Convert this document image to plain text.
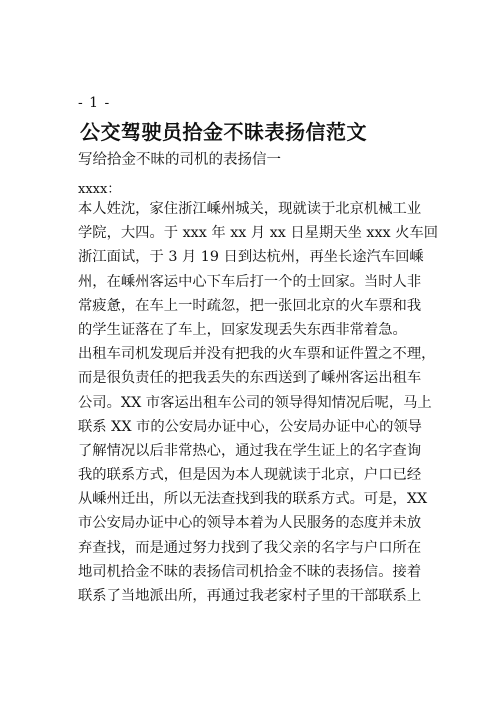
- 1 -
公交驾驶员拾金不昧表扬信范文
写给拾金不昧的司机的表扬信一
xxxx：
本人姓沈，家住浙江嵊州城关，现就读于北京机械工业
学院，大四。于 xxx 年 xx 月 xx 日星期天坐 xxx 火车回
浙江面试，于 3 月 19 日到达杭州，再坐长途汽车回嵊
州，在嵊州客运中心下车后打一个的士回家。当时人非
常疲惫，在车上一时疏忽，把一张回北京的火车票和我
的学生证落在了车上，回家发现丢失东西非常着急。
出租车司机发现后并没有把我的火车票和证件置之不理，
而是很负责任的把我丢失的东西送到了嵊州客运出租车
公司。XX 市客运出租车公司的领导得知情况后呢，马上
联系 XX 市的公安局办证中心，公安局办证中心的领导
了解情况以后非常热心，通过我在学生证上的名字查询
我的联系方式，但是因为本人现就读于北京，户口已经
从嵊州迁出，所以无法查找到我的联系方式。可是，XX
市公安局办证中心的领导本着为人民服务的态度并未放
弃查找，而是通过努力找到了我父亲的名字与户口所在
地司机拾金不昧的表扬信司机拾金不昧的表扬信。接着
联系了当地派出所，再通过我老家村子里的干部联系上
